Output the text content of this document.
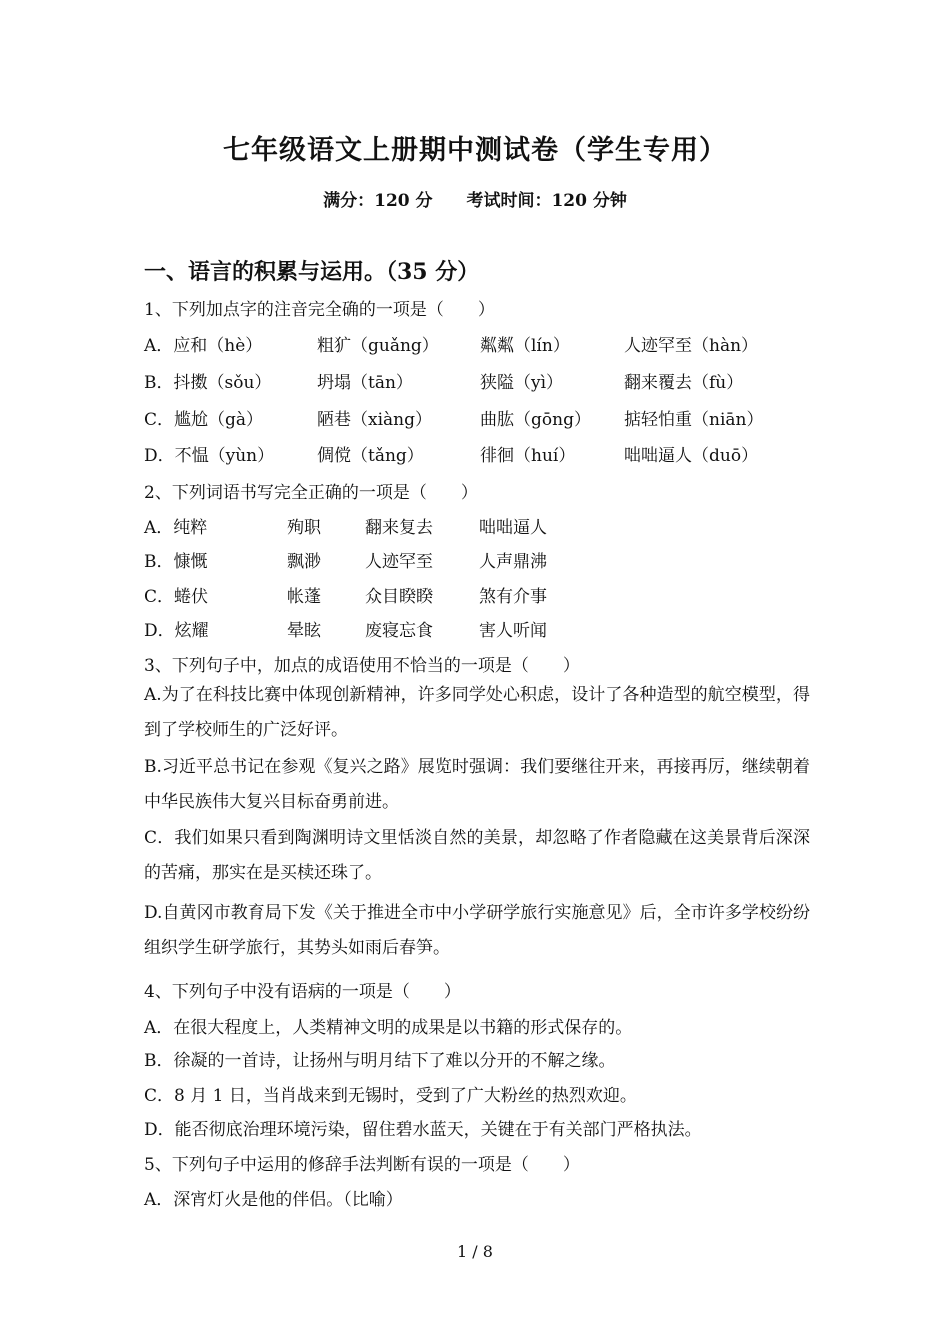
七年级语文上册期中测试卷（学生专用）
满分：120 分 考试时间：120 分钟
一、语言的积累与运用。（35 分）
1、下列加点字的注音完全确的一项是（　　）
A．应和（hè）	粗犷（guǎng） 粼粼（lín）	人迹罕至（hàn）
B．抖擞（sǒu）	坍塌（tān）	狭隘（yì）	翻来覆去（fù）
C．尴尬（gà）	陋巷（xiàng）	曲肱（gōng） 掂轻怕重（niān）
D．不愠（yùn）	倜傥（tǎng）	徘徊（huí）	咄咄逼人（duō）
2、下列词语书写完全正确的一项是（　　）
A．纯粹	殉职	翻来复去	咄咄逼人
B．慷慨	飘渺	人迹罕至	人声鼎沸
C．蜷伏	帐蓬	众目睽睽	煞有介事
D．炫耀	晕眩	废寝忘食	害人听闻
3、下列句子中，加点的成语使用不恰当的一项是（　　）
A.为了在科技比赛中体现创新精神，许多同学处心积虑，设计了各种造型的航空模型，得到了学校师生的广泛好评。
B.习近平总书记在参观《复兴之路》展览时强调：我们要继往开来，再接再厉，继续朝着中华民族伟大复兴目标奋勇前进。
C．我们如果只看到陶渊明诗文里恬淡自然的美景，却忽略了作者隐藏在这美景背后深深的苦痛，那实在是买椟还珠了。
D.自黄冈市教育局下发《关于推进全市中小学研学旅行实施意见》后，全市许多学校纷纷组织学生研学旅行，其势头如雨后春笋。
4、下列句子中没有语病的一项是（　　）
A．在很大程度上，人类精神文明的成果是以书籍的形式保存的。
B．徐凝的一首诗，让扬州与明月结下了难以分开的不解之缘。
C．8 月 1 日，当肖战来到无锡时，受到了广大粉丝的热烈欢迎。
D．能否彻底治理环境污染，留住碧水蓝天，关键在于有关部门严格执法。
5、下列句子中运用的修辞手法判断有误的一项是（　　）
A．深宵灯火是他的伴侣。（比喻）
1 / 8
